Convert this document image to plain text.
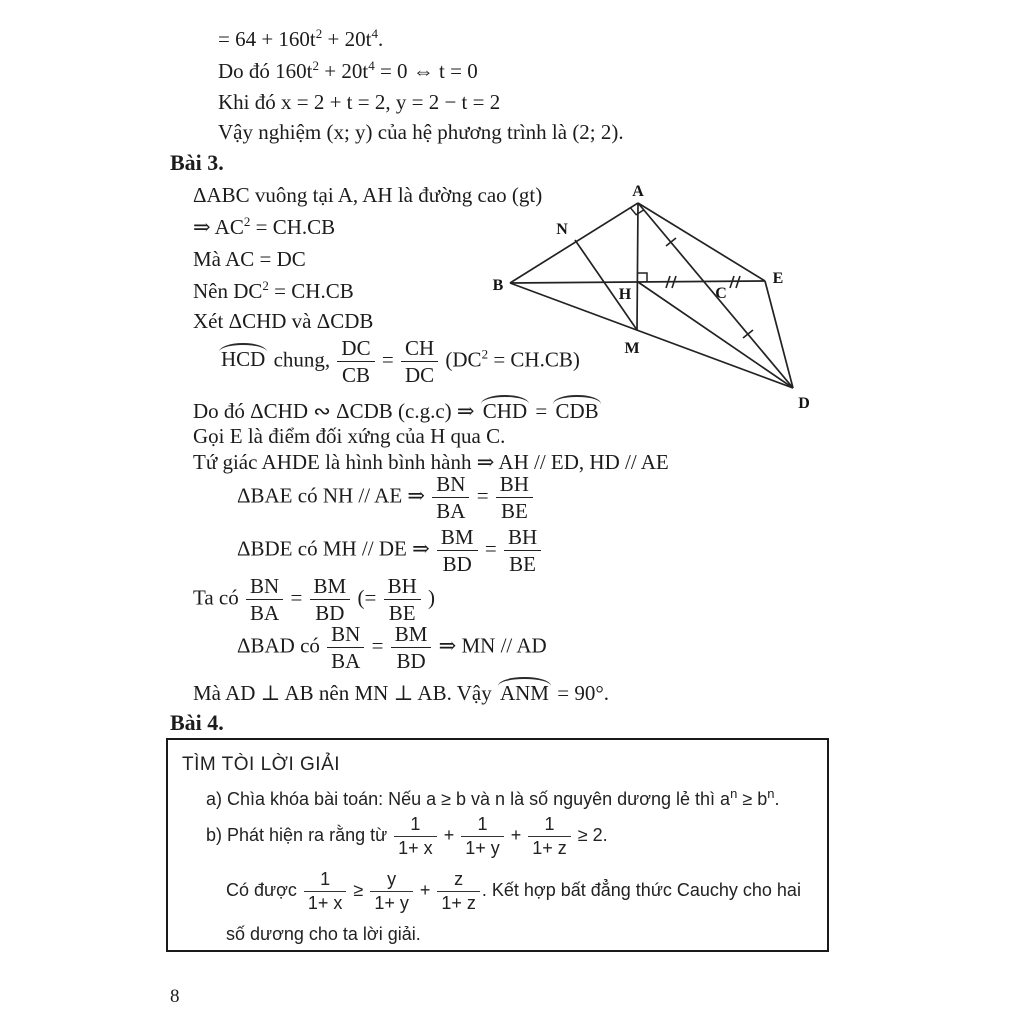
= $64 + 160t^2 + 20t^4$.
Do đó $160t^2 + 20t^4 = 0$ ⇔ t = 0
Khi đó x = 2 + t = 2, y = 2 − t = 2
Vậy nghiệm (x; y) của hệ phương trình là (2; 2).
Bài 3.
ΔABC vuông tại A, AH là đường cao (gt)
⇒ $AC^2 = CH.CB$
Mà AC = DC
Nên $DC^2 = CH.CB$
Xét ΔCHD và ΔCDB
HCD chung, $\frac{DC}{CB} = \frac{CH}{DC} (DC^2 = CH.CB)$
Do đó ΔCHD ∾ ΔCDB (c.g.c) ⇒ CHD = CDB
Gọi E là điểm đối xứng của H qua C.
Tứ giác AHDE là hình bình hành ⇒ AH // ED, HD // AE
ΔBAE có NH // AE ⇒ $\frac{BN}{BA} = \frac{BH}{BE}$
ΔBDE có MH // DE ⇒ $\frac{BM}{BD} = \frac{BH}{BE}$
Ta có $\frac{BN}{BA} = \frac{BM}{BD}$ (= $\frac{BH}{BE}$ )
ΔBAD có $\frac{BN}{BA} = \frac{BM}{BD}$ ⇒ MN // AD
Mà AD ⊥ AB nên MN ⊥ AB. Vậy ANM = 90°.
A
N
B
H	C
E
M
D
Bài 4.
TÌM TÒI LỜI GIẢI
a) Chìa khóa bài toán: Nếu a ≥ b và n là số nguyên dương lẻ thì $a^n \ge b^n$.
b) Phát hiện ra rằng từ $\frac{1}{1+ x} + \frac{1}{1+ y} + \frac{1}{1+ z} \ge 2$.
Có được $\frac{1}{1+ x} \ge \frac{y}{1+ y} + \frac{z}{1+ z}$ . Kết hợp bất đẳng thức Cauchy cho hai
số dương cho ta lời giải.
8
